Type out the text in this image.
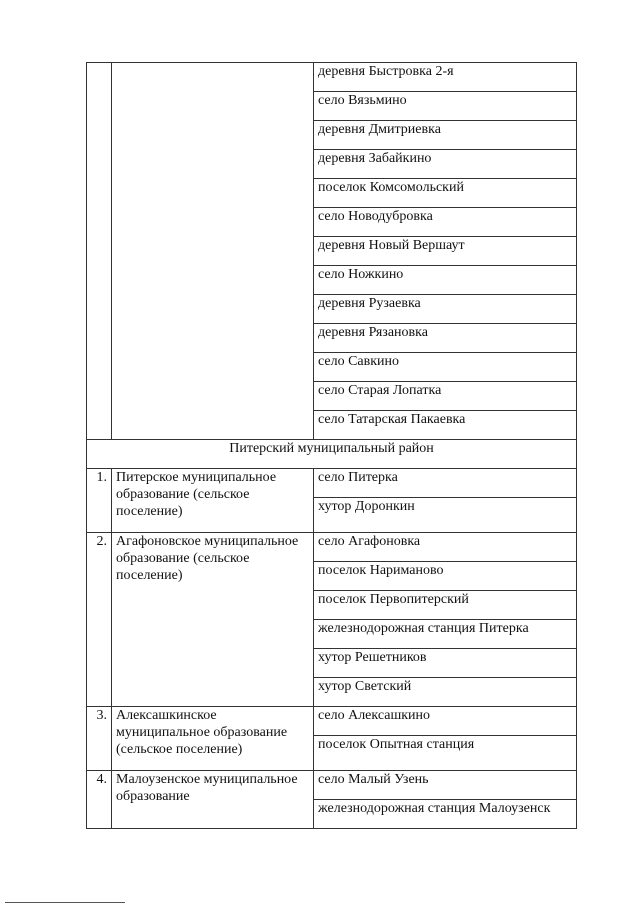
		деревня Быстровка 2-я
		село Вязьмино
		деревня Дмитриевка
		деревня Забайкино
		поселок Комсомольский
		село Новодубровка
		деревня Новый Вершаут
		село Ножкино
		деревня Рузаевка
		деревня Рязановка
		село Савкино
		село Старая Лопатка
		село Татарская Пакаевка
Питерский муниципальный район		
1.	Питерское муниципальное образование (сельское поселение)	село Питерка
		хутор Доронкин
2.	Агафоновское муниципальное образование (сельское поселение)	село Агафоновка
		поселок Нариманово
		поселок Первопитерский
		железнодорожная станция Питерка
		хутор Решетников
		хутор Светский
3.	Алексашкинское муниципальное образование (сельское поселение)	село Алексашкино
		поселок Опытная станция
4.	Малоузенское муниципальное образование	село Малый Узень
		железнодорожная станция Малоузенск
